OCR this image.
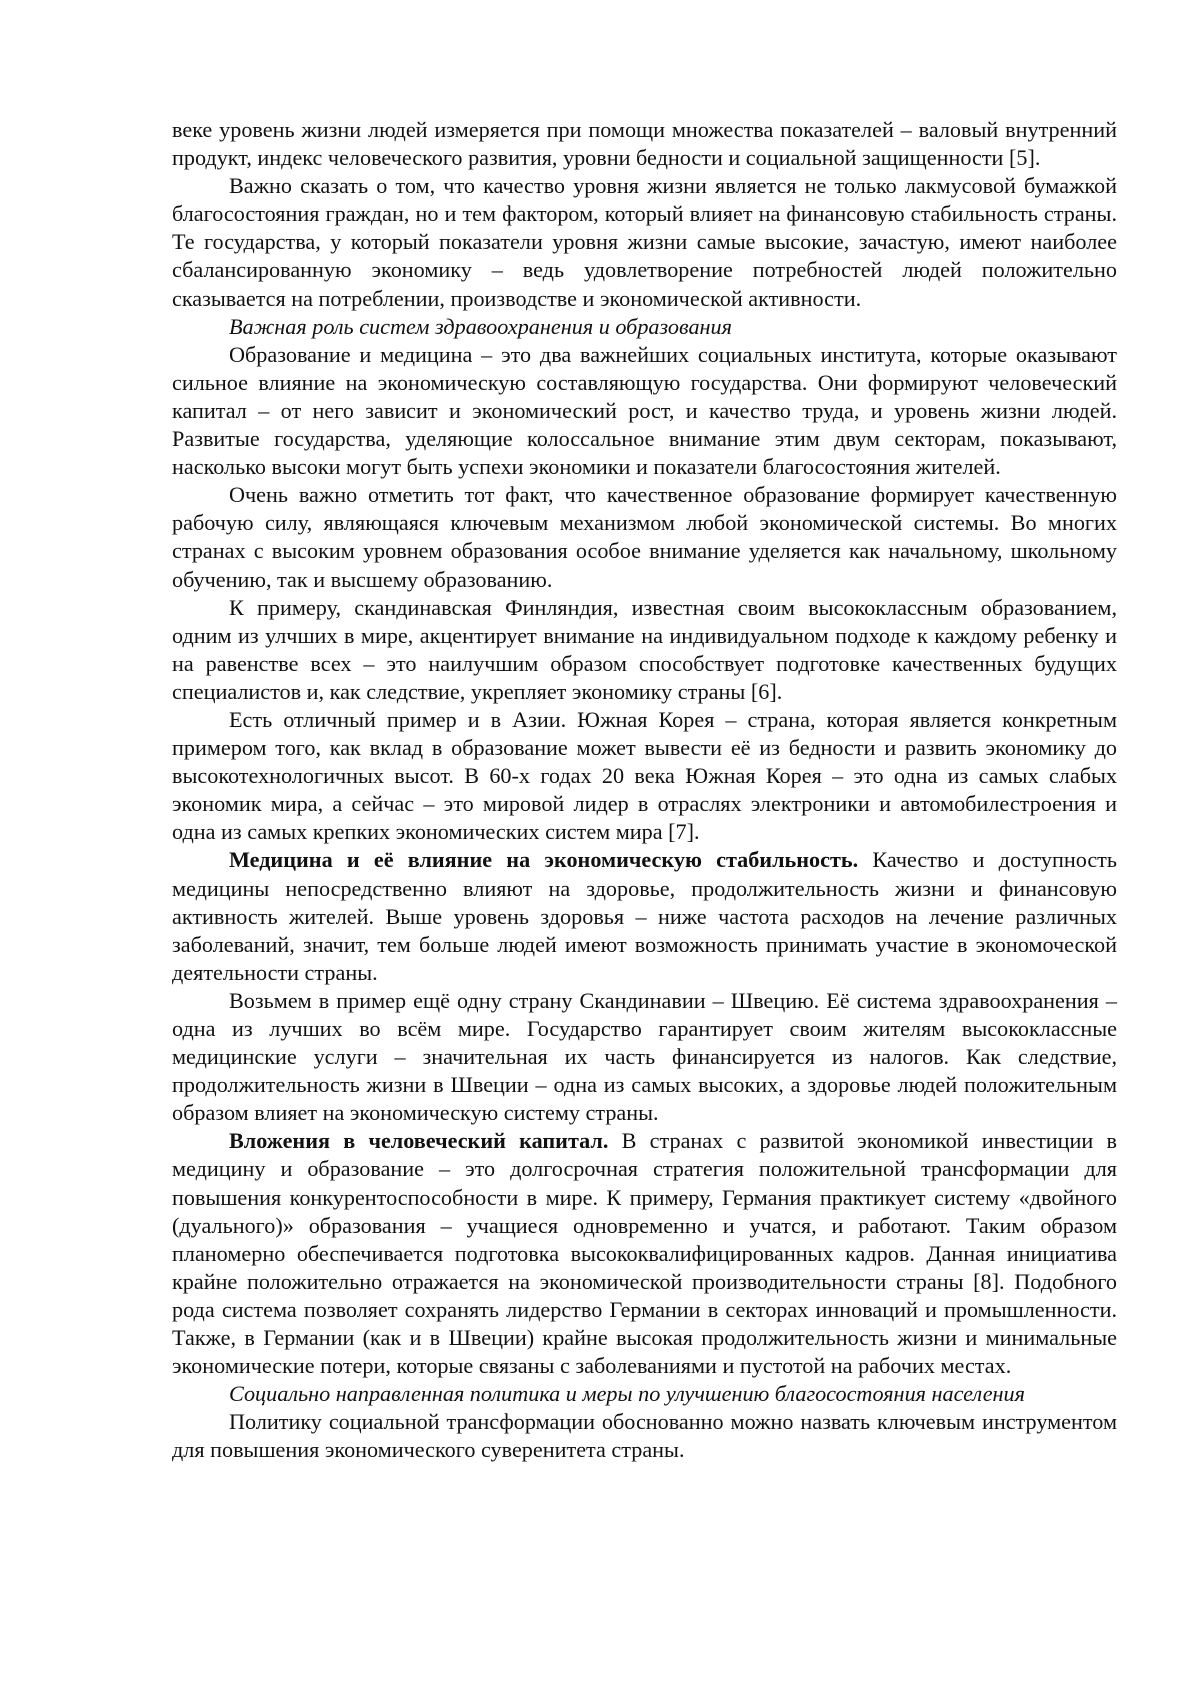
веке уровень жизни людей измеряется при помощи множества показателей – валовый внутренний продукт, индекс человеческого развития, уровни бедности и социальной защищенности [5].

Важно сказать о том, что качество уровня жизни является не только лакмусовой бумажкой благосостояния граждан, но и тем фактором, который влияет на финансовую стабильность страны. Те государства, у который показатели уровня жизни самые высокие, зачастую, имеют наиболее сбалансированную экономику – ведь удовлетворение потребностей людей положительно сказывается на потреблении, производстве и экономической активности.

Важная роль систем здравоохранения и образования

Образование и медицина – это два важнейших социальных института, которые оказывают сильное влияние на экономическую составляющую государства. Они формируют человеческий капитал – от него зависит и экономический рост, и качество труда, и уровень жизни людей. Развитые государства, уделяющие колоссальное внимание этим двум секторам, показывают, насколько высоки могут быть успехи экономики и показатели благосостояния жителей.

Очень важно отметить тот факт, что качественное образование формирует качественную рабочую силу, являющаяся ключевым механизмом любой экономической системы. Во многих странах с высоким уровнем образования особое внимание уделяется как начальному, школьному обучению, так и высшему образованию.

К примеру, скандинавская Финляндия, известная своим высококлассным образованием, одним из улчших в мире, акцентирует внимание на индивидуальном подходе к каждому ребенку и на равенстве всех – это наилучшим образом способствует подготовке качественных будущих специалистов и, как следствие, укрепляет экономику страны [6].

Есть отличный пример и в Азии. Южная Корея – страна, которая является конкретным примером того, как вклад в образование может вывести её из бедности и развить экономику до высокотехнологичных высот. В 60-х годах 20 века Южная Корея – это одна из самых слабых экономик мира, а сейчас – это мировой лидер в отраслях электроники и автомобилестроения и одна из самых крепких экономических систем мира [7].

Медицина и её влияние на экономическую стабильность. Качество и доступность медицины непосредственно влияют на здоровье, продолжительность жизни и финансовую активность жителей. Выше уровень здоровья – ниже частота расходов на лечение различных заболеваний, значит, тем больше людей имеют возможность принимать участие в экономоческой деятельности страны.

Возьмем в пример ещё одну страну Скандинавии – Швецию. Её система здравоохранения – одна из лучших во всём мире. Государство гарантирует своим жителям высококлассные медицинские услуги – значительная их часть финансируется из налогов. Как следствие, продолжительность жизни в Швеции – одна из самых высоких, а здоровье людей положительным образом влияет на экономическую систему страны.

Вложения в человеческий капитал. В странах с развитой экономикой инвестиции в медицину и образование – это долгосрочная стратегия положительной трансформации для повышения конкурентоспособности в мире. К примеру, Германия практикует систему «двойного (дуального)» образования – учащиеся одновременно и учатся, и работают. Таким образом планомерно обеспечивается подготовка высококвалифицированных кадров. Данная инициатива крайне положительно отражается на экономической производительности страны [8]. Подобного рода система позволяет сохранять лидерство Германии в секторах инноваций и промышленности. Также, в Германии (как и в Швеции) крайне высокая продолжительность жизни и минимальные экономические потери, которые связаны с заболеваниями и пустотой на рабочих местах.

Социально направленная политика и меры по улучшению благосостояния населения

Политику социальной трансформации обоснованно можно назвать ключевым инструментом для повышения экономического суверенитета страны.
